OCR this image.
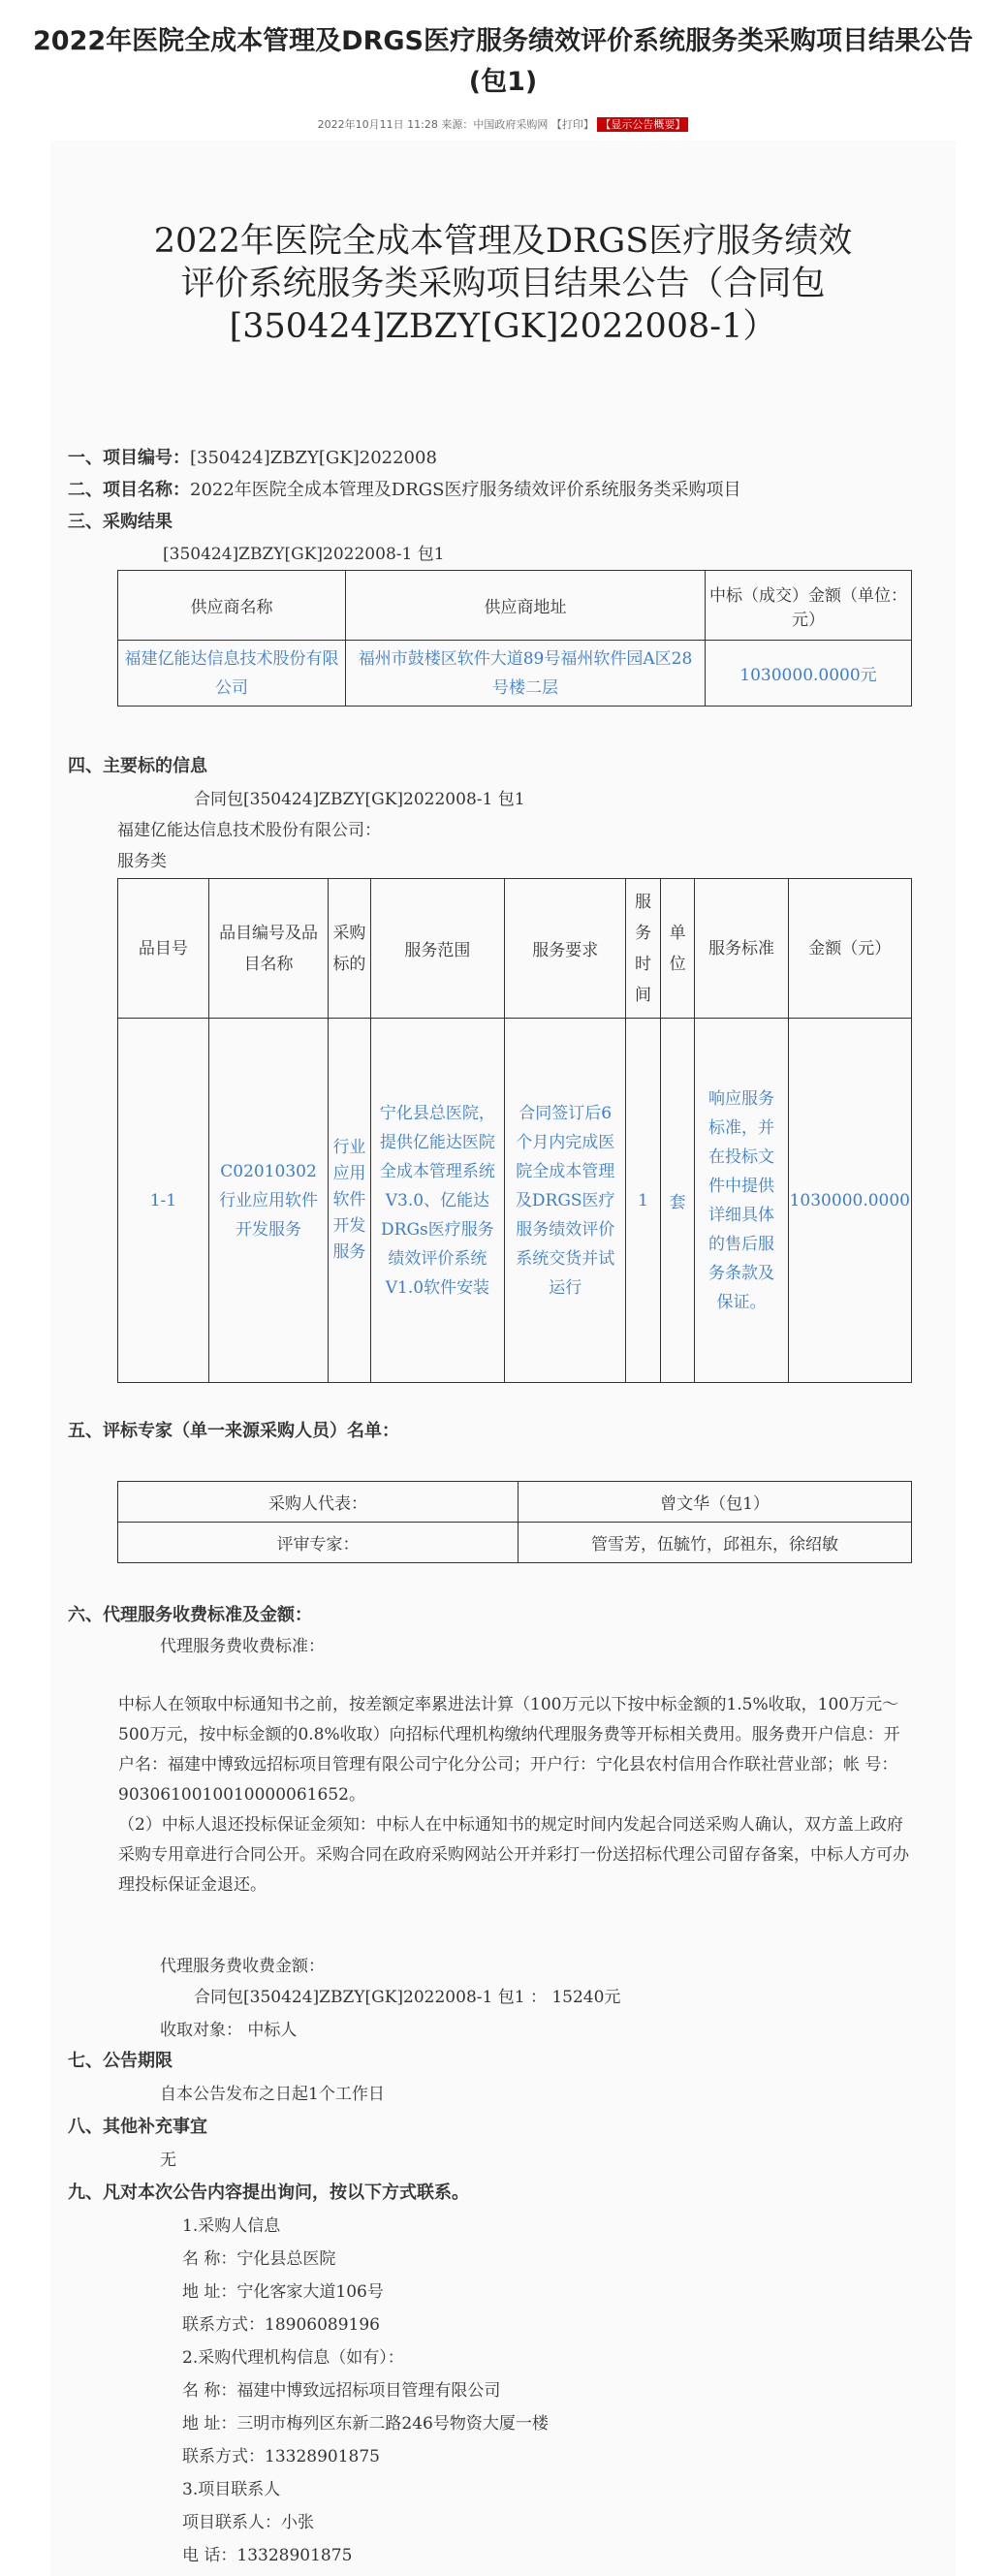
2022年医院全成本管理及DRGS医疗服务绩效评价系统服务类采购项目结果公告(包1)
2022年10月11日 11:28 来源：中国政府采购网 【打印】 【显示公告概要】
2022年医院全成本管理及DRGS医疗服务绩效评价系统服务类采购项目结果公告（合同包[350424]ZBZY[GK]2022008-1）
一、项目编号：[350424]ZBZY[GK]2022008
二、项目名称：2022年医院全成本管理及DRGS医疗服务绩效评价系统服务类采购项目
三、采购结果
[350424]ZBZY[GK]2022008-1 包1
供应商名称	供应商地址	中标（成交）金额（单位：元）
福建亿能达信息技术股份有限公司	福州市鼓楼区软件大道89号福州软件园A区28号楼二层	1030000.0000元
四、主要标的信息
合同包[350424]ZBZY[GK]2022008-1 包1
福建亿能达信息技术股份有限公司：
服务类
品目号	品目编号及品目名称	采购标的	服务范围	服务要求	服务时间	单位	服务标准	金额（元）
1-1	C02010302行业应用软件开发服务	行业应用软件开发服务	宁化县总医院，提供亿能达医院全成本管理系统V3.0、亿能达DRGs医疗服务绩效评价系统V1.0软件安装	合同签订后6个月内完成医院全成本管理及DRGS医疗服务绩效评价系统交货并试运行	1	套	响应服务标准，并在投标文件中提供详细具体的售后服务条款及保证。	1030000.0000
五、评标专家（单一来源采购人员）名单：
采购人代表：	曾文华（包1）
评审专家：	管雪芳，伍毓竹，邱祖东，徐绍敏
六、代理服务收费标准及金额：
代理服务费收费标准：
中标人在领取中标通知书之前，按差额定率累进法计算（100万元以下按中标金额的1.5%收取，100万元～500万元，按中标金额的0.8%收取）向招标代理机构缴纳代理服务费等开标相关费用。服务费开户信息：开户名：福建中博致远招标项目管理有限公司宁化分公司；开户行：宁化县农村信用合作联社营业部；帐 号：9030610010010000061652。
（2）中标人退还投标保证金须知：中标人在中标通知书的规定时间内发起合同送采购人确认，双方盖上政府采购专用章进行合同公开。采购合同在政府采购网站公开并彩打一份送招标代理公司留存备案，中标人方可办理投标保证金退还。
代理服务费收费金额：
合同包[350424]ZBZY[GK]2022008-1 包1 ： 15240元
收取对象： 中标人
七、公告期限
自本公告发布之日起1个工作日
八、其他补充事宜
无
九、凡对本次公告内容提出询问，按以下方式联系。
1.采购人信息
名 称：宁化县总医院
地 址：宁化客家大道106号
联系方式：18906089196
2.采购代理机构信息（如有）：
名 称：福建中博致远招标项目管理有限公司
地 址：三明市梅列区东新二路246号物资大厦一楼
联系方式：13328901875
3.项目联系人
项目联系人：小张
电 话：13328901875
